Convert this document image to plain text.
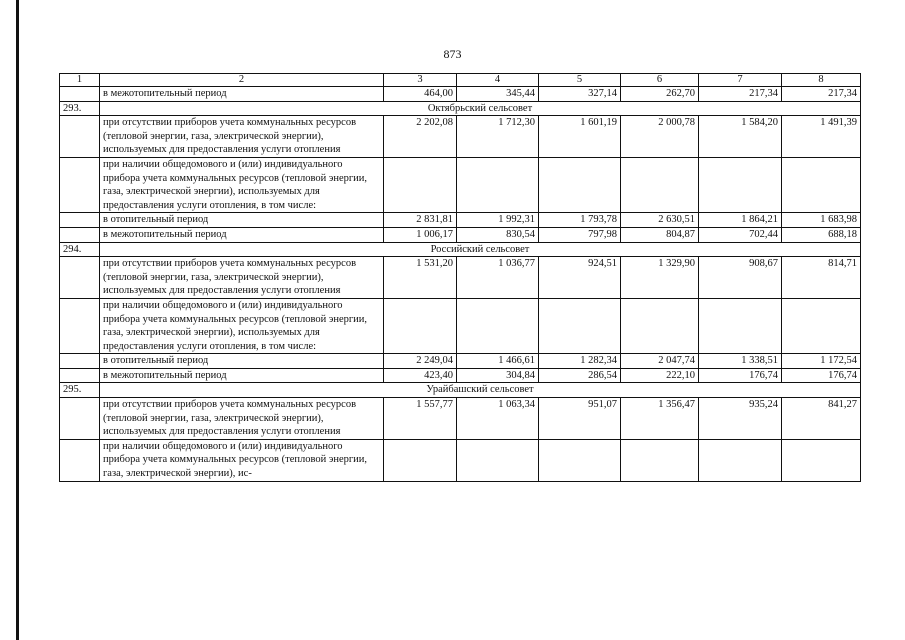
873
1	2	3	4	5	6	7	8
	в межотопительный период	464,00	345,44	327,14	262,70	217,34	217,34
293.	Октябрьский сельсовет						
	при отсутствии приборов учета коммунальных ресурсов (тепловой энергии, газа, электрической энергии), используемых для предоставления услуги отопления	2 202,08	1 712,30	1 601,19	2 000,78	1 584,20	1 491,39
	при наличии общедомового и (или) индивидуального прибора учета коммунальных ресурсов (тепловой энергии, газа, электрической энергии), используемых для предоставления услуги отопления, в том числе:						
	в отопительный период	2 831,81	1 992,31	1 793,78	2 630,51	1 864,21	1 683,98
	в межотопительный период	1 006,17	830,54	797,98	804,87	702,44	688,18
294.	Российский сельсовет						
	при отсутствии приборов учета коммунальных ресурсов (тепловой энергии, газа, электрической энергии), используемых для предоставления услуги отопления	1 531,20	1 036,77	924,51	1 329,90	908,67	814,71
	при наличии общедомового и (или) индивидуального прибора учета коммунальных ресурсов (тепловой энергии, газа, электрической энергии), используемых для предоставления услуги отопления, в том числе:						
	в отопительный период	2 249,04	1 466,61	1 282,34	2 047,74	1 338,51	1 172,54
	в межотопительный период	423,40	304,84	286,54	222,10	176,74	176,74
295.	Урайбашский сельсовет						
	при отсутствии приборов учета коммунальных ресурсов (тепловой энергии, газа, электрической энергии), используемых для предоставления услуги отопления	1 557,77	1 063,34	951,07	1 356,47	935,24	841,27
	при наличии общедомового и (или) индивидуального прибора учета коммунальных ресурсов (тепловой энергии, газа, электрической энергии), ис-						
